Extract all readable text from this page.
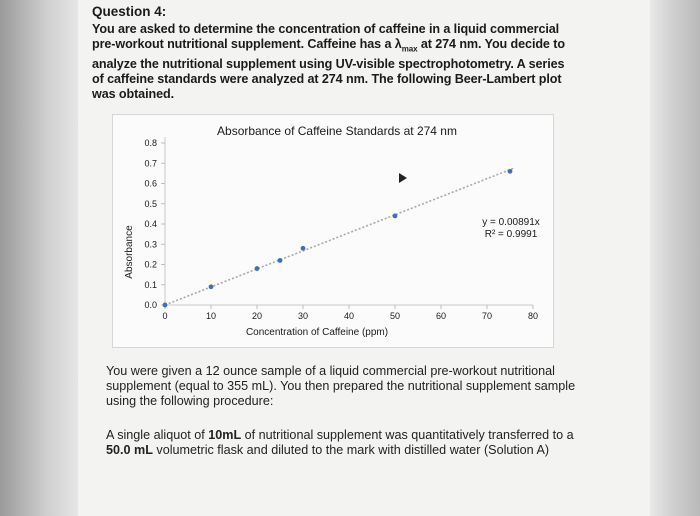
Question 4:
You are asked to determine the concentration of caffeine in a liquid commercial pre-workout nutritional supplement. Caffeine has a $\lambda_{max}$ at 274 nm. You decide to analyze the nutritional supplement using UV-visible spectrophotometry. A series of caffeine standards were analyzed at 274 nm. The following Beer-Lambert plot was obtained.
Absorbance of Caffeine Standards at 274 nm
0.0
0.1
0.2
0.3
0.4
0.5
0.6
0.7
0.8
0	10	20	30	40	50	60	70	80
y = 0.00891x
R² = 0.9991
Concentration of Caffeine (ppm)
Absorbance
You were given a 12 ounce sample of a liquid commercial pre-workout nutritional supplement (equal to 355 mL). You then prepared the nutritional supplement sample using the following procedure:
A single aliquot of 10mL of nutritional supplement was quantitatively transferred to a 50.0 mL volumetric flask and diluted to the mark with distilled water (Solution A)
